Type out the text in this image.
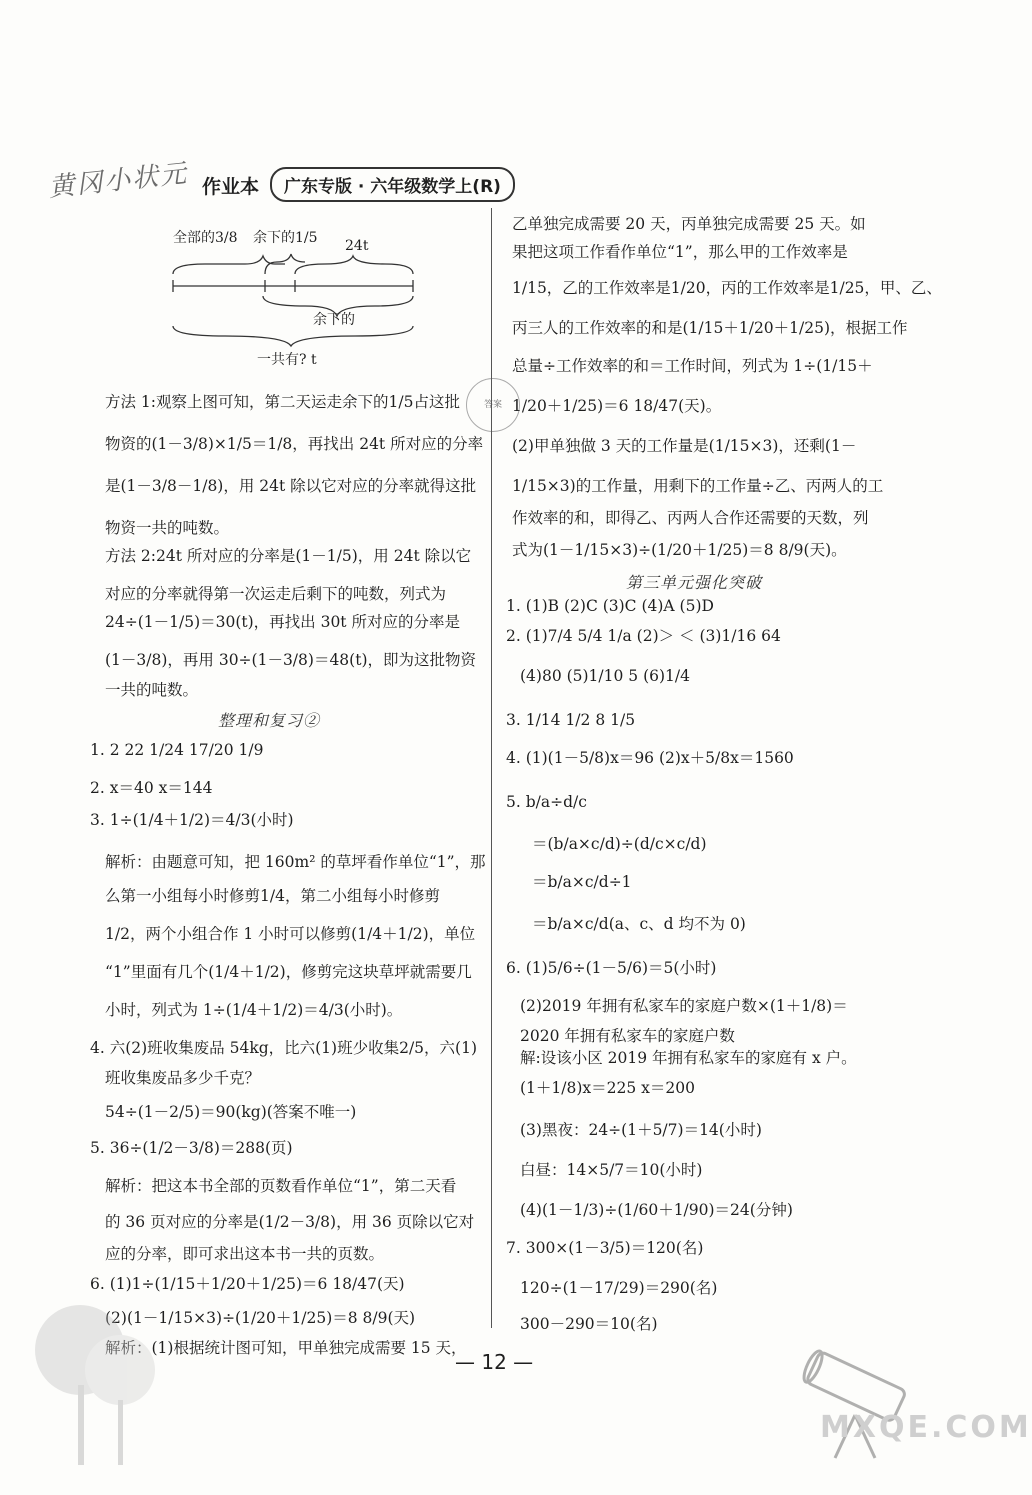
黄冈小状元 作业本	广东专版 · 六年级数学上(R)
全部的3/8 余下的1/5 24t
余下的
一共有? t
答案
方法 1:观察上图可知，第二天运走余下的1/5占这批
物资的(1－3/8)×1/5＝1/8，再找出 24t 所对应的分率
是(1－3/8－1/8)，用 24t 除以它对应的分率就得这批
物资一共的吨数。
方法 2:24t 所对应的分率是(1－1/5)，用 24t 除以它
对应的分率就得第一次运走后剩下的吨数，列式为
24÷(1－1/5)＝30(t)，再找出 30t 所对应的分率是
(1－3/8)，再用 30÷(1－3/8)＝48(t)，即为这批物资
一共的吨数。
整理和复习②
1. 2 22 1/24 17/20 1/9
2. x＝40 x＝144
3. 1÷(1/4＋1/2)＝4/3(小时)
解析：由题意可知，把 160m² 的草坪看作单位“1”，那
么第一小组每小时修剪1/4，第二小组每小时修剪
1/2，两个小组合作 1 小时可以修剪(1/4＋1/2)，单位
“1”里面有几个(1/4＋1/2)，修剪完这块草坪就需要几
小时，列式为 1÷(1/4＋1/2)＝4/3(小时)。
4. 六(2)班收集废品 54kg，比六(1)班少收集2/5，六(1)
班收集废品多少千克？
54÷(1－2/5)＝90(kg)(答案不唯一)
5. 36÷(1/2－3/8)＝288(页)
解析：把这本书全部的页数看作单位“1”，第二天看
的 36 页对应的分率是(1/2－3/8)，用 36 页除以它对
应的分率，即可求出这本书一共的页数。
6. (1)1÷(1/15＋1/20＋1/25)＝6 18/47(天)
(2)(1－1/15×3)÷(1/20＋1/25)＝8 8/9(天)
解析：(1)根据统计图可知，甲单独完成需要 15 天，
乙单独完成需要 20 天，丙单独完成需要 25 天。如
果把这项工作看作单位“1”，那么甲的工作效率是
1/15，乙的工作效率是1/20，丙的工作效率是1/25，甲、乙、
丙三人的工作效率的和是(1/15＋1/20＋1/25)，根据工作
总量÷工作效率的和＝工作时间，列式为 1÷(1/15＋
1/20＋1/25)＝6 18/47(天)。
(2)甲单独做 3 天的工作量是(1/15×3)，还剩(1－
1/15×3)的工作量，用剩下的工作量÷乙、丙两人的工
作效率的和，即得乙、丙两人合作还需要的天数，列
式为(1－1/15×3)÷(1/20＋1/25)＝8 8/9(天)。
第三单元强化突破
1. (1)B (2)C (3)C (4)A (5)D
2. (1)7/4 5/4 1/a (2)＞ ＜ (3)1/16 64
(4)80 (5)1/10 5 (6)1/4
3. 1/14 1/2 8 1/5
4. (1)(1－5/8)x＝96 (2)x＋5/8x＝1560
5. b/a÷d/c
＝(b/a×c/d)÷(d/c×c/d)
＝b/a×c/d÷1
＝b/a×c/d(a、c、d 均不为 0)
6. (1)5/6÷(1－5/6)＝5(小时)
(2)2019 年拥有私家车的家庭户数×(1＋1/8)＝
2020 年拥有私家车的家庭户数
解:设该小区 2019 年拥有私家车的家庭有 x 户。
(1＋1/8)x＝225 x＝200
(3)黑夜：24÷(1＋5/7)＝14(小时)
白昼：14×5/7＝10(小时)
(4)(1－1/3)÷(1/60＋1/90)＝24(分钟)
7. 300×(1－3/5)＝120(名)
120÷(1－17/29)＝290(名)
300－290＝10(名)
— 12 —
MXQE.COM
